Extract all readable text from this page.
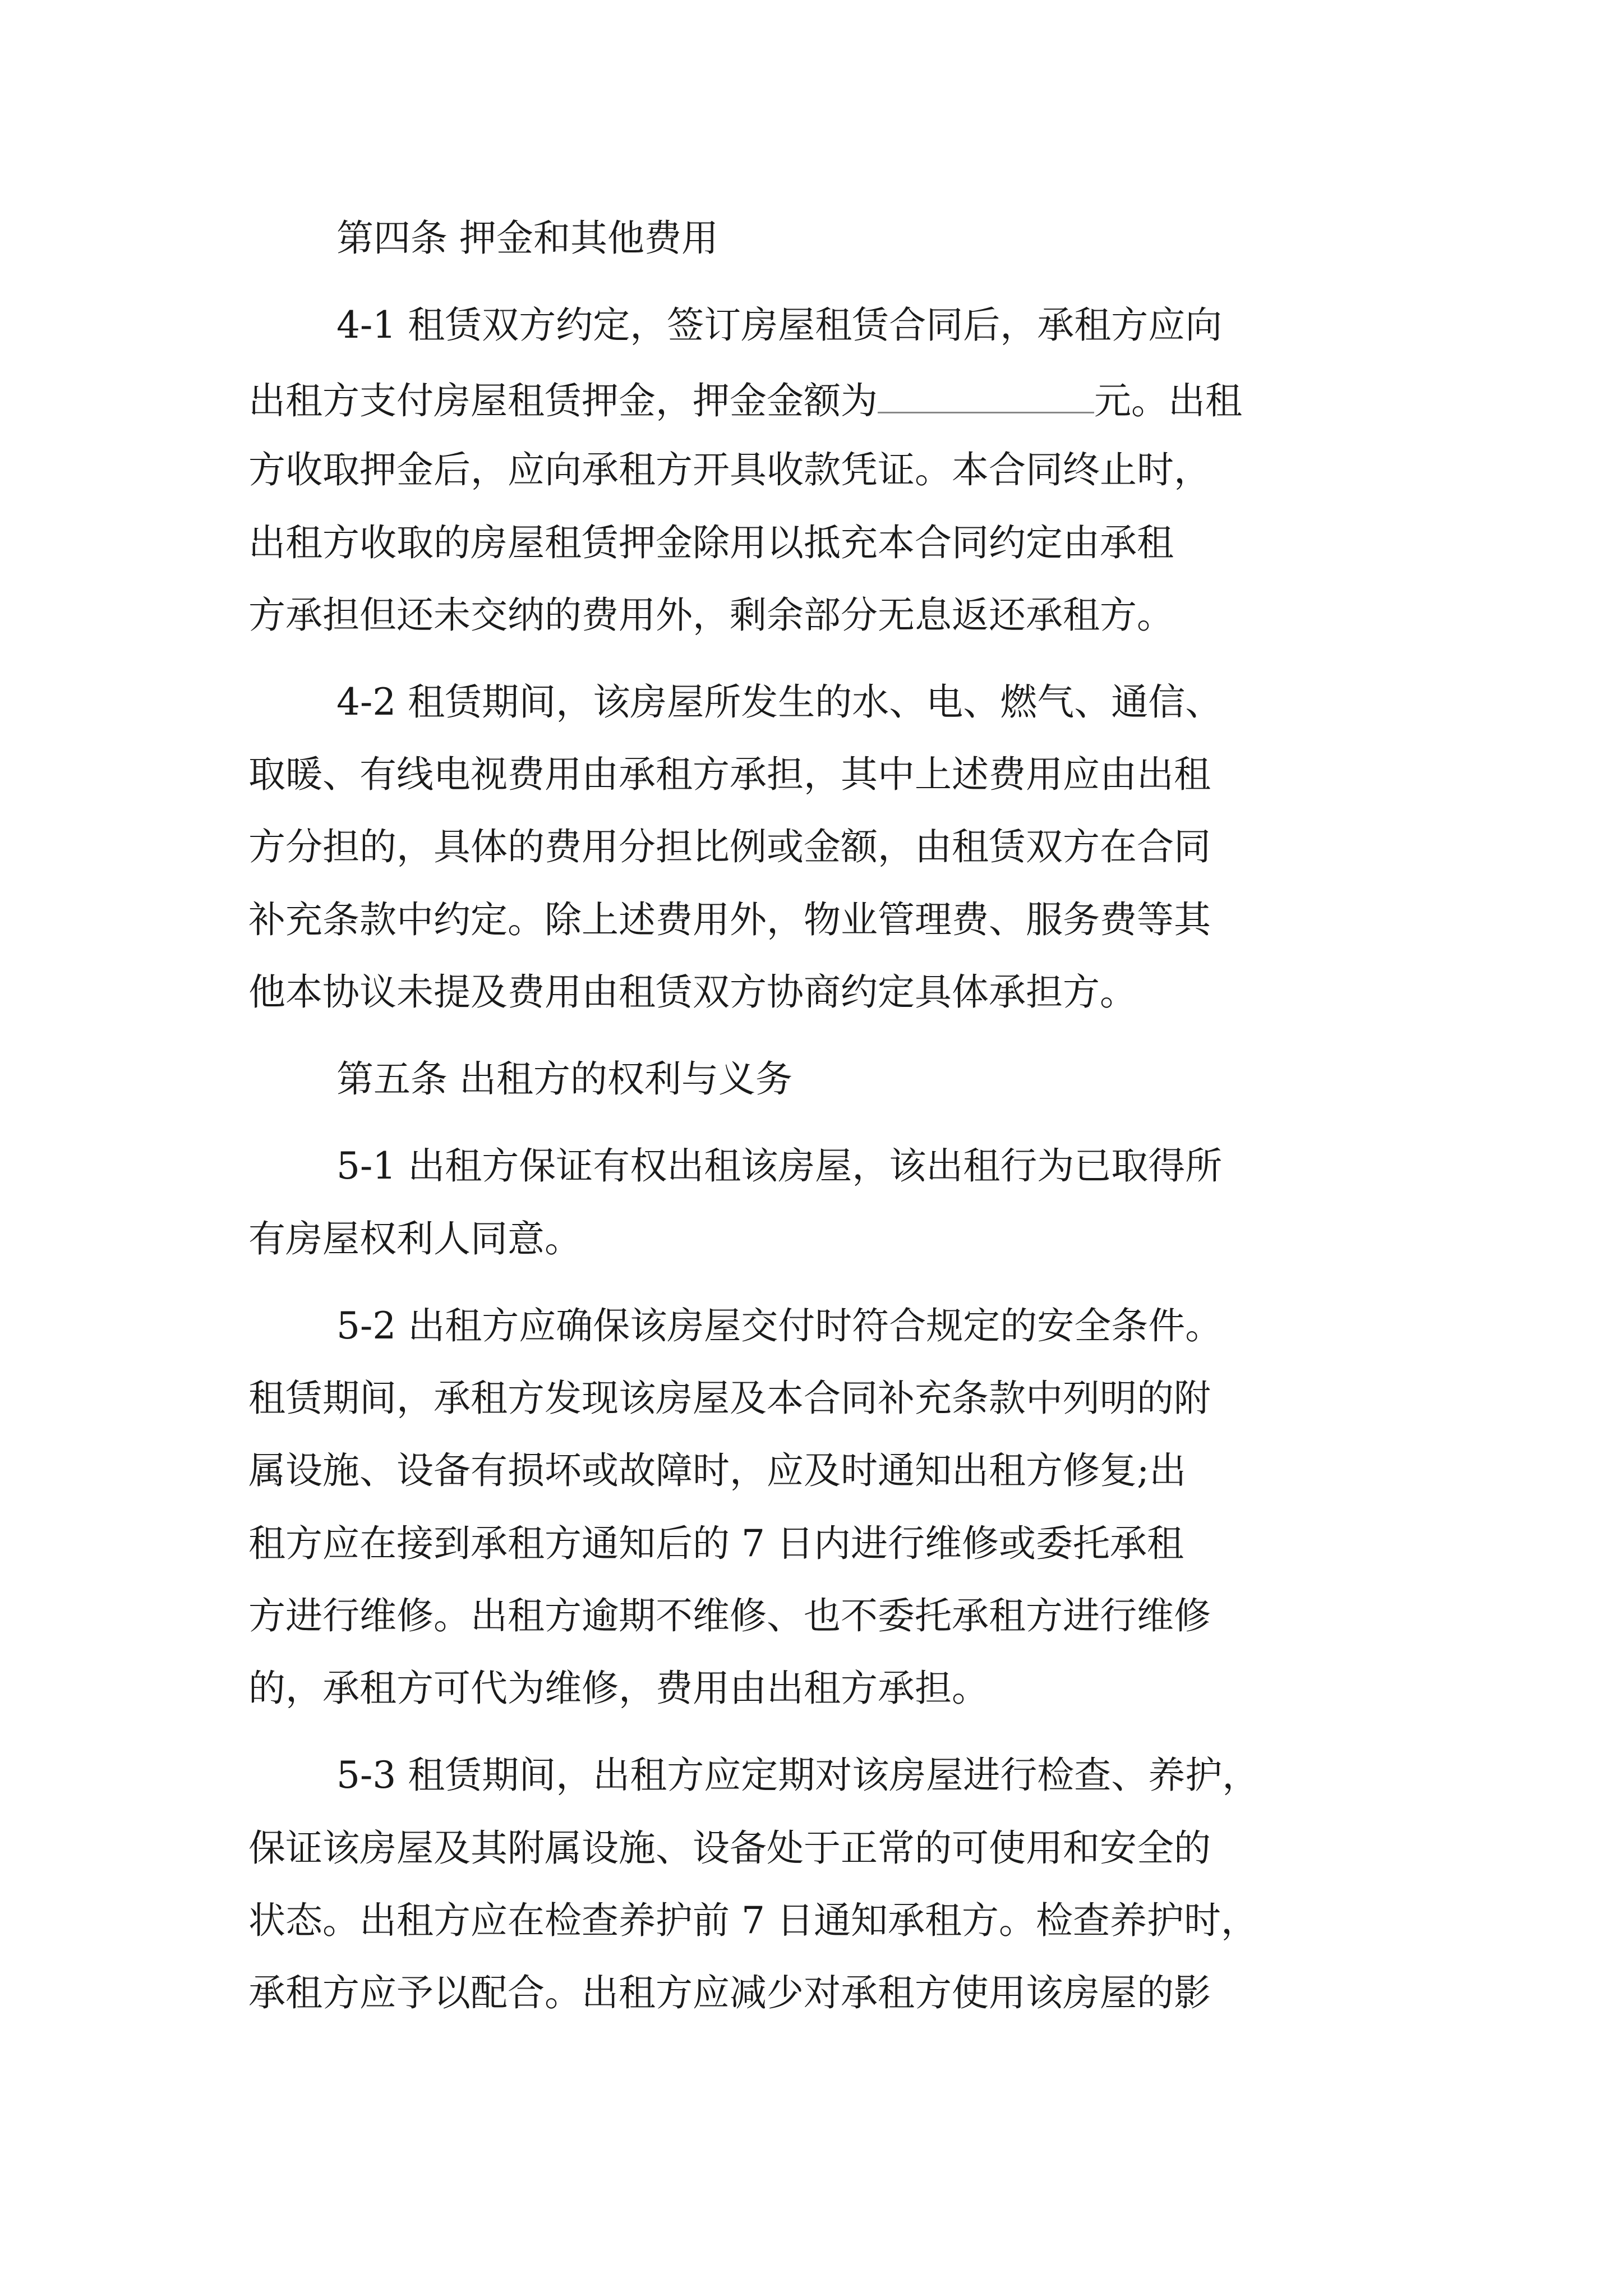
第四条 押金和其他费用
4-1 租赁双方约定，签订房屋租赁合同后，承租方应向
出租方支付房屋租赁押金，押金金额为	元。出租
方收取押金后，应向承租方开具收款凭证。本合同终止时，
出租方收取的房屋租赁押金除用以抵充本合同约定由承租
方承担但还未交纳的费用外，剩余部分无息返还承租方。
4-2 租赁期间，该房屋所发生的水、电、燃气、通信、
取暖、有线电视费用由承租方承担，其中上述费用应由出租
方分担的，具体的费用分担比例或金额，由租赁双方在合同
补充条款中约定。除上述费用外，物业管理费、服务费等其
他本协议未提及费用由租赁双方协商约定具体承担方。
第五条 出租方的权利与义务
5-1 出租方保证有权出租该房屋，该出租行为已取得所
有房屋权利人同意。
5-2 出租方应确保该房屋交付时符合规定的安全条件。
租赁期间，承租方发现该房屋及本合同补充条款中列明的附
属设施、设备有损坏或故障时，应及时通知出租方修复;出
租方应在接到承租方通知后的 7 日内进行维修或委托承租
方进行维修。出租方逾期不维修、也不委托承租方进行维修
的，承租方可代为维修，费用由出租方承担。
5-3 租赁期间，出租方应定期对该房屋进行检查、养护，
保证该房屋及其附属设施、设备处于正常的可使用和安全的
状态。出租方应在检查养护前 7 日通知承租方。检查养护时，
承租方应予以配合。出租方应减少对承租方使用该房屋的影
